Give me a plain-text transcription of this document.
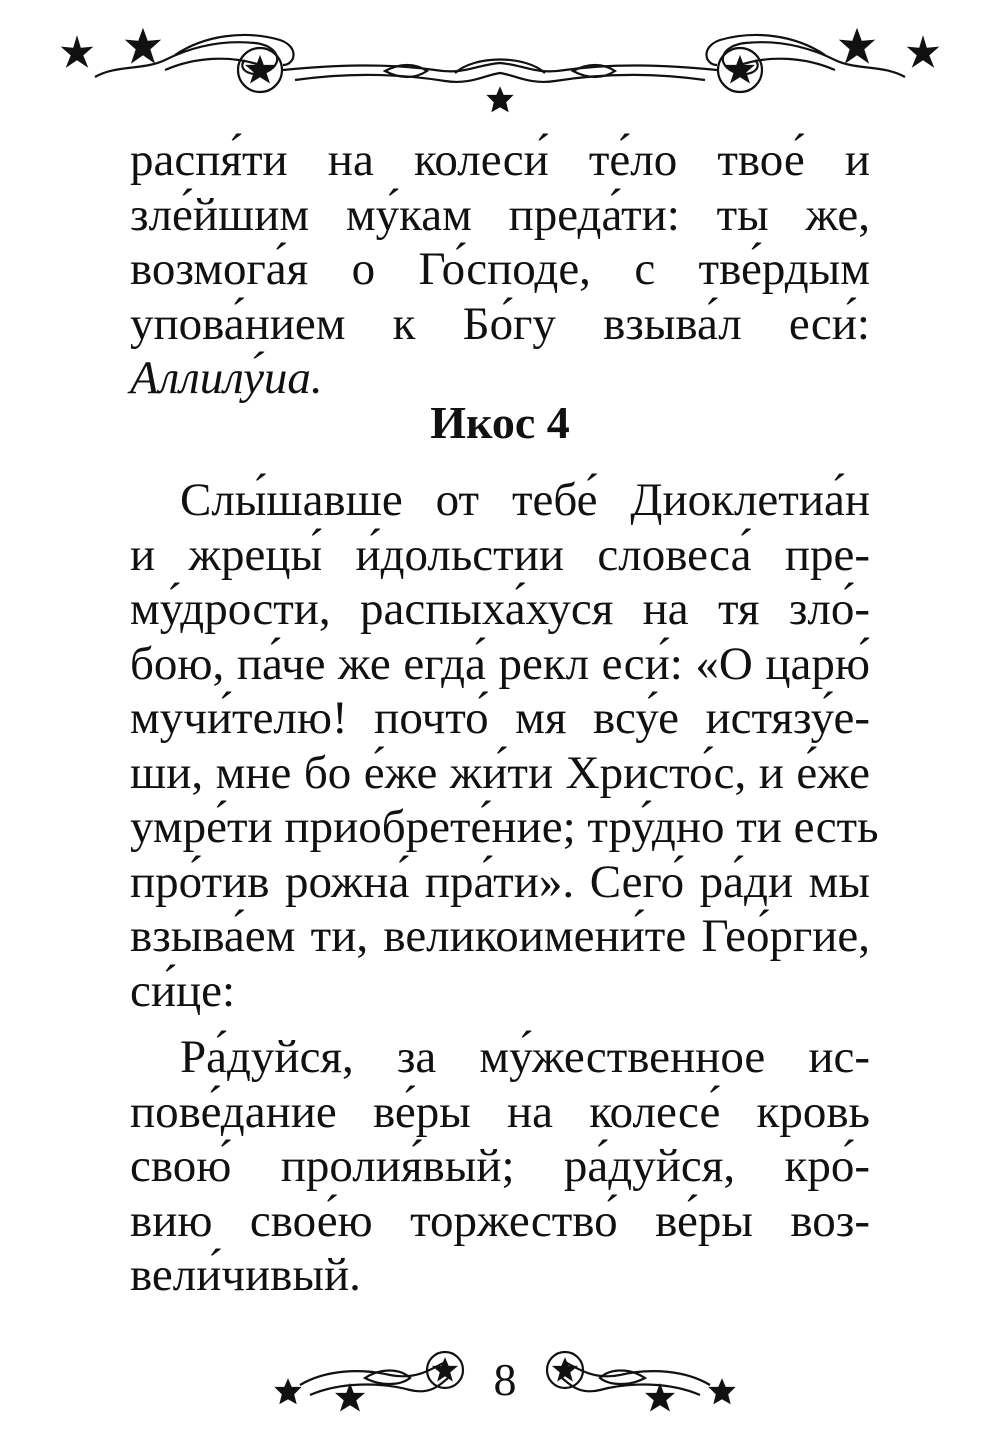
распя́ти на колеси́ те́ло твое́ и
зле́йшим му́кам преда́ти: ты же,
возмога́я о Го́споде, с тве́рдым
упова́нием к Бо́гу взыва́л еси́:
Аллилу́иа.
Икос 4
Слы́шавше от тебе́ Диоклетиа́н
и жрецы́ и́дольстии словеса́ пре-
му́дрости, распыха́хуся на тя зло́-
бою, па́че же егда́ рекл еси́: «О царю́
мучи́телю! почто́ мя всу́е истязу́е-
ши, мне бо е́же жи́ти Христо́с, и е́же
умре́ти приобрете́ние; тру́дно ти есть
про́тив рожна́ пра́ти». Сего́ ра́ди мы
взыва́ем ти, великоимени́те Гео́ргие,
си́це:
Ра́дуйся, за му́жественное ис-
пове́дание ве́ры на колесе́ кровь
свою́ пролия́вый; ра́дуйся, кро́-
вию свое́ю торжество́ ве́ры воз-
вели́чивый.
8
